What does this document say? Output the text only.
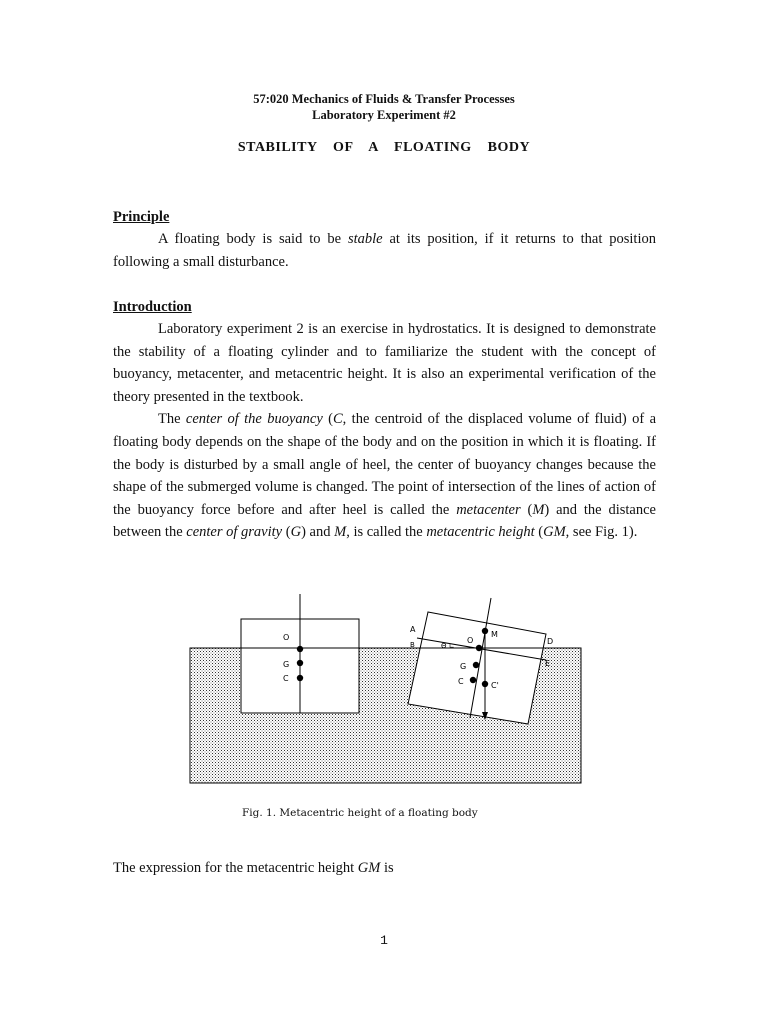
57:020 Mechanics of Fluids & Transfer Processes
Laboratory Experiment #2
STABILITY  OF  A  FLOATING  BODY
Principle

A floating body is said to be stable at its position, if it returns to that position following a small disturbance.

Introduction

Laboratory experiment 2 is an exercise in hydrostatics. It is designed to demonstrate the stability of a floating cylinder and to familiarize the student with the concept of buoyancy, metacenter, and metacentric height. It is also an experimental verification of the theory presented in the textbook.

The center of the buoyancy (C, the centroid of the displaced volume of fluid) of a floating body depends on the shape of the body and on the position in which it is floating. If the body is disturbed by a small angle of heel, the center of buoyancy changes because the shape of the submerged volume is changed. The point of intersection of the lines of action of the buoyancy force before and after heel is called the metacenter (M) and the distance between the center of gravity (G) and M, is called the metacentric height (GM, see Fig. 1).

O
G
C
A
B
M
O
Θ ∟	D
E
G
C	C'
Fig. 1. Metacentric height of a floating body
The expression for the metacentric height GM is
1
